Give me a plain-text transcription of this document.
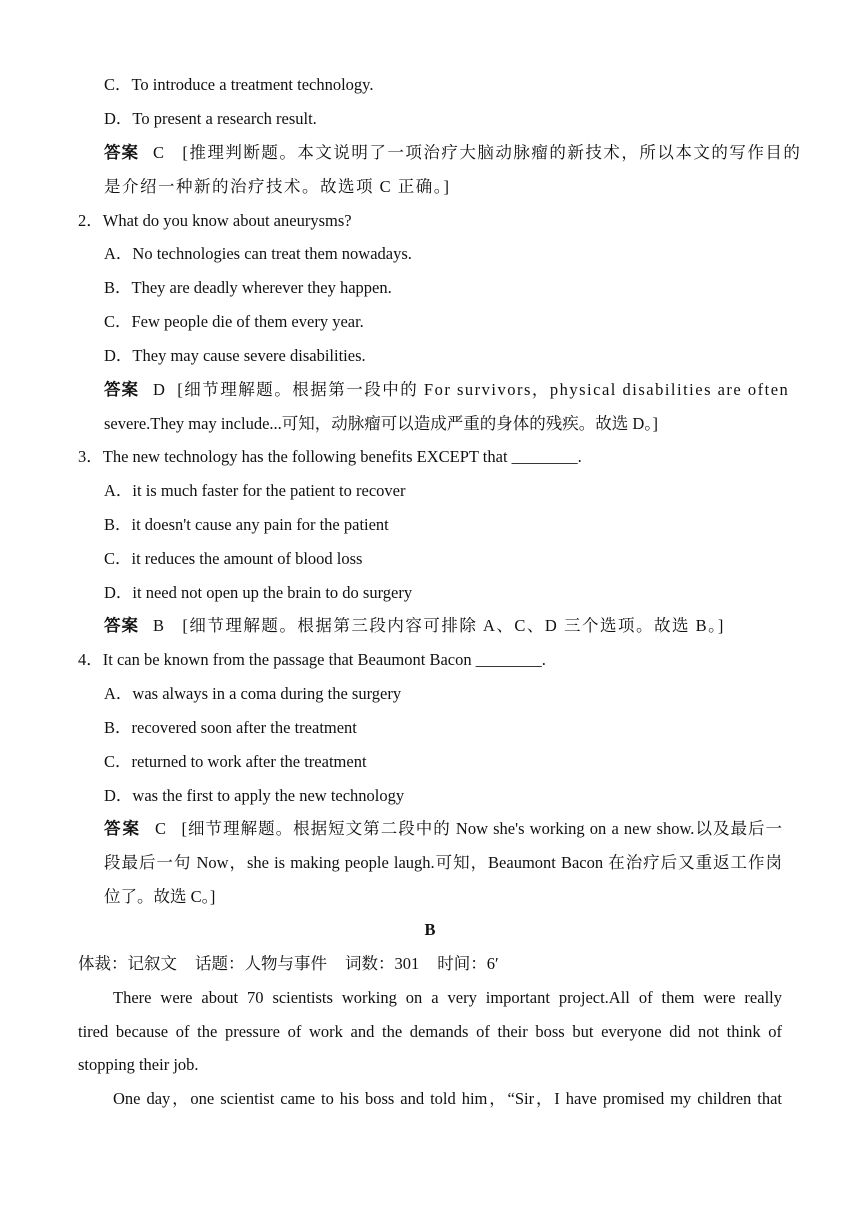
C．To introduce a treatment technology.
D．To present a research result.
答案 C [推理判断题。本文说明了一项治疗大脑动脉瘤的新技术，所以本文的写作目的
是介绍一种新的治疗技术。故选项 C 正确。]
2．What do you know about aneurysms?
A．No technologies can treat them nowadays.
B．They are deadly wherever they happen.
C．Few people die of them every year.
D．They may cause severe disabilities.
答案 D [细节理解题。根据第一段中的 For survivors，physical disabilities are often
severe.They may include...可知，动脉瘤可以造成严重的身体的残疾。故选 D。]
3．The new technology has the following benefits EXCEPT that ________.
A．it is much faster for the patient to recover
B．it doesn't cause any pain for the patient
C．it reduces the amount of blood loss
D．it need not open up the brain to do surgery
答案 B [细节理解题。根据第三段内容可排除 A、C、D 三个选项。故选 B。]
4．It can be known from the passage that Beaumont Bacon ________.
A．was always in a coma during the surgery
B．recovered soon after the treatment
C．returned to work after the treatment
D．was the first to apply the new technology
答案 C [细节理解题。根据短文第二段中的 Now she's working on a new show.以及最后一
段最后一句 Now，she is making people laugh.可知，Beaumont Bacon 在治疗后又重返工作岗
位了。故选 C。]
B
体裁：记叙文 话题：人物与事件 词数：301 时间：6′
There were about 70 scientists working on a very important project.All of them were really
tired because of the pressure of work and the demands of their boss but everyone did not think of
stopping their job.
One day，one scientist came to his boss and told him，“Sir，I have promised my children that
